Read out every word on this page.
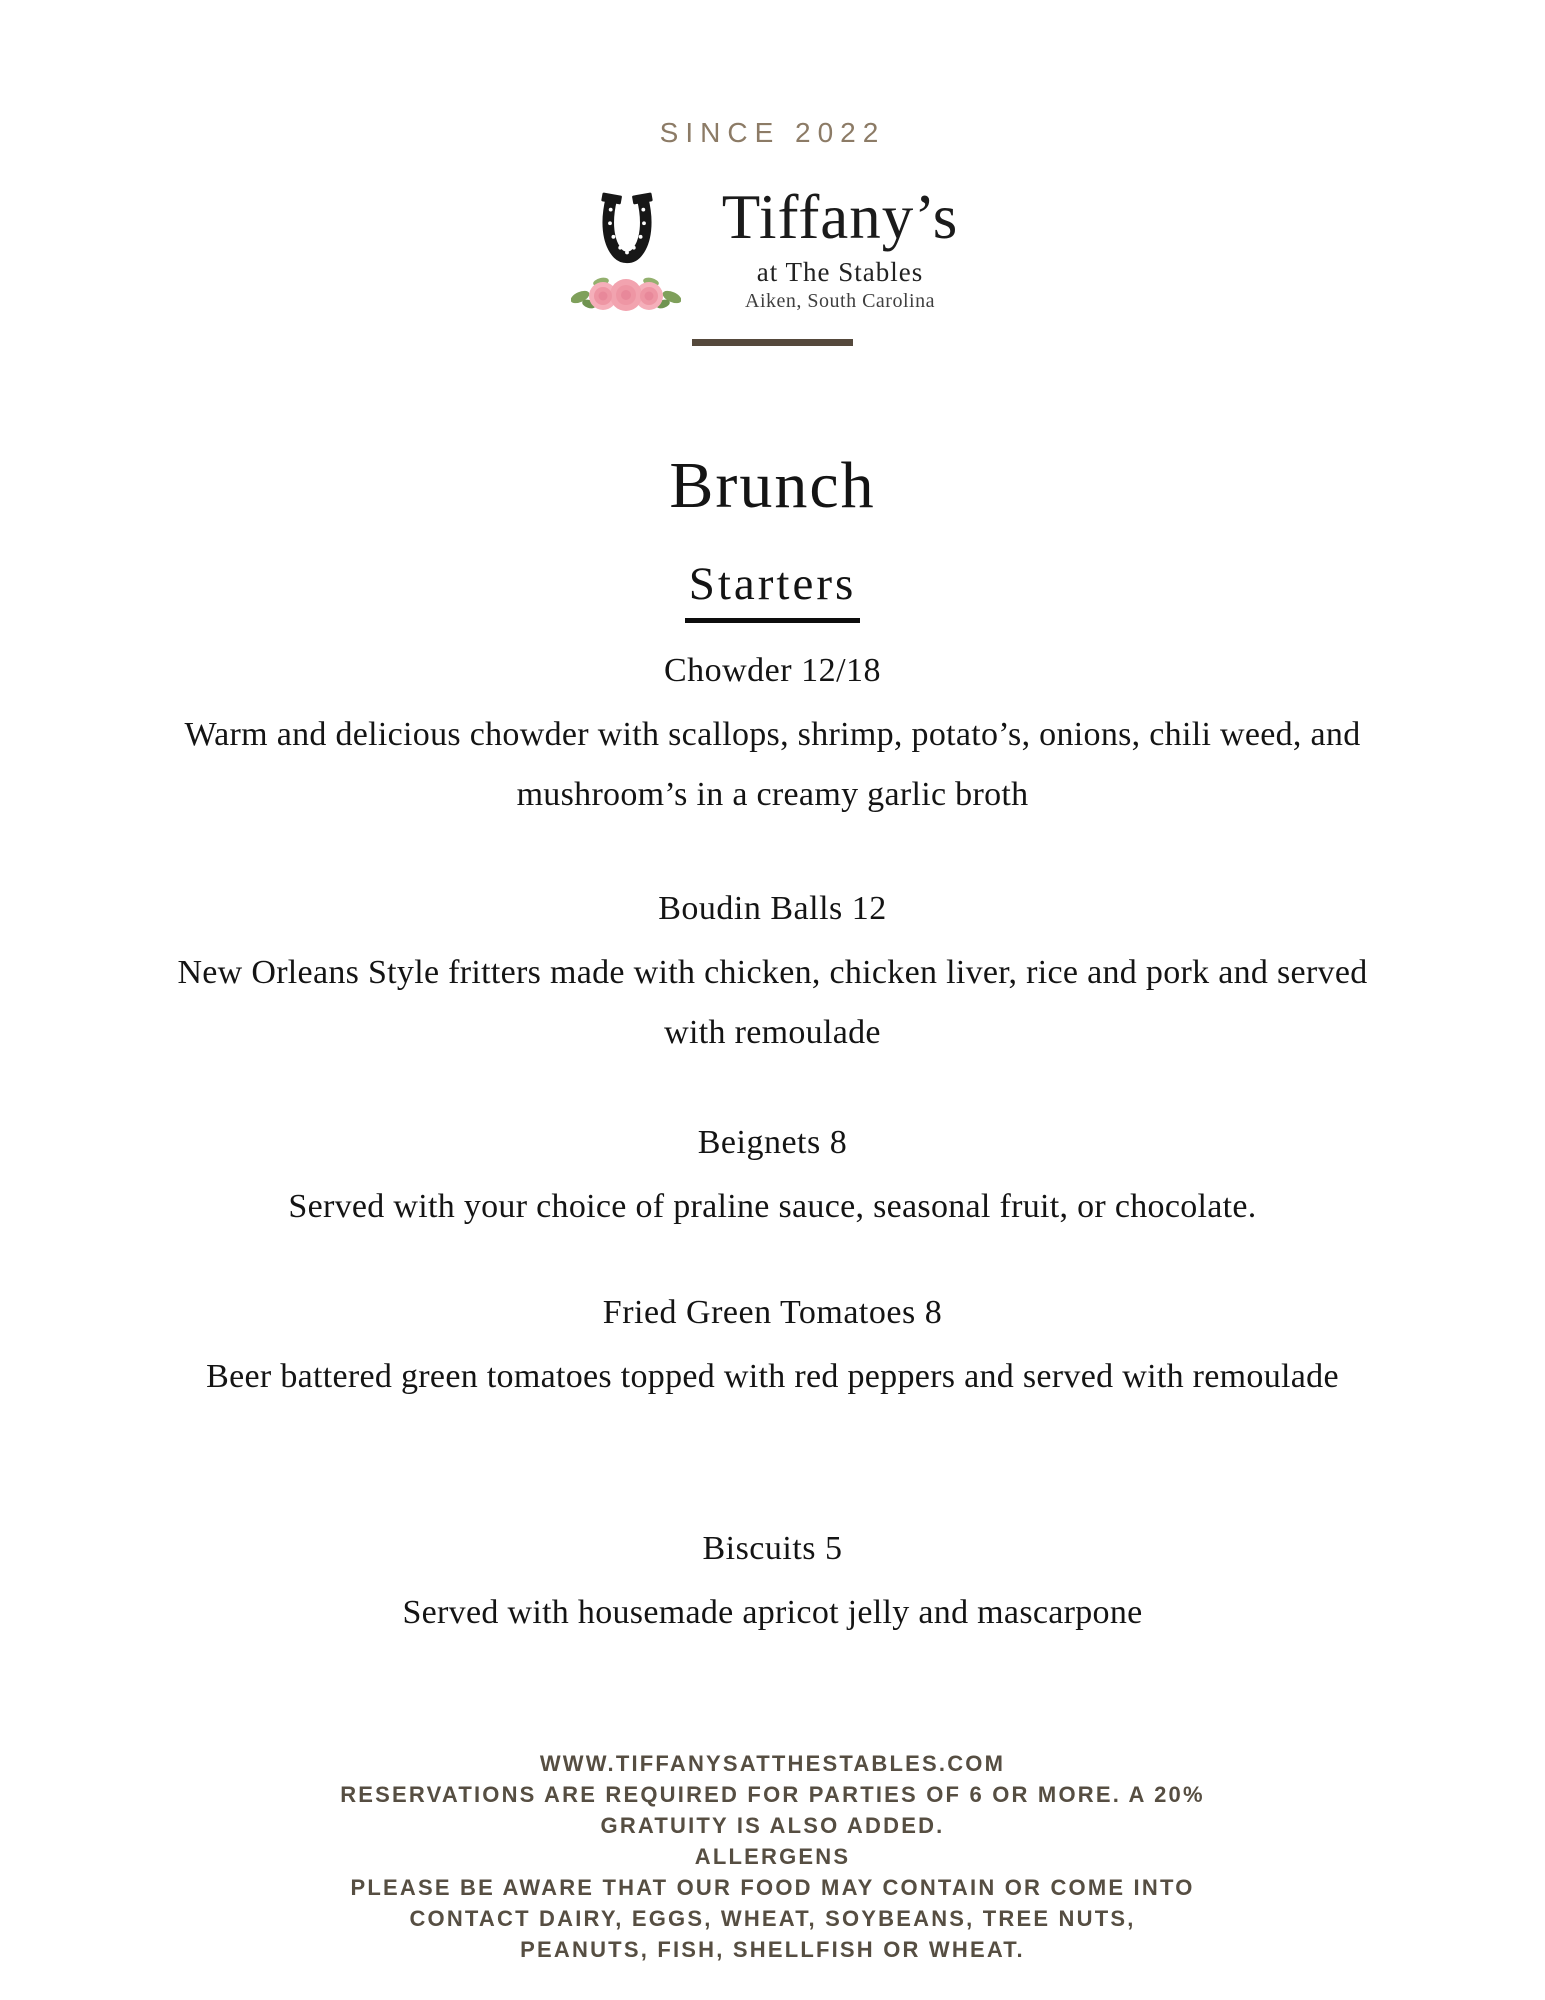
SINCE 2022
Tiffany’s
at The Stables
Aiken, South Carolina
Brunch
Starters
Chowder 12/18
Warm and delicious chowder with scallops, shrimp, potato’s, onions, chili weed, and mushroom’s in a creamy garlic broth
Boudin Balls 12
New Orleans Style fritters made with chicken, chicken liver, rice and pork and served with remoulade
Beignets 8
Served with your choice of praline sauce, seasonal fruit, or chocolate.
Fried Green Tomatoes 8
Beer battered green tomatoes topped with red peppers and served with remoulade
Biscuits 5
Served with housemade apricot jelly and mascarpone
WWW.TIFFANYSATTHESTABLES.COM
RESERVATIONS ARE REQUIRED FOR PARTIES OF 6 OR MORE. A 20%
GRATUITY IS ALSO ADDED.
ALLERGENS
PLEASE BE AWARE THAT OUR FOOD MAY CONTAIN OR COME INTO
CONTACT DAIRY, EGGS, WHEAT, SOYBEANS, TREE NUTS,
PEANUTS, FISH, SHELLFISH OR WHEAT.
